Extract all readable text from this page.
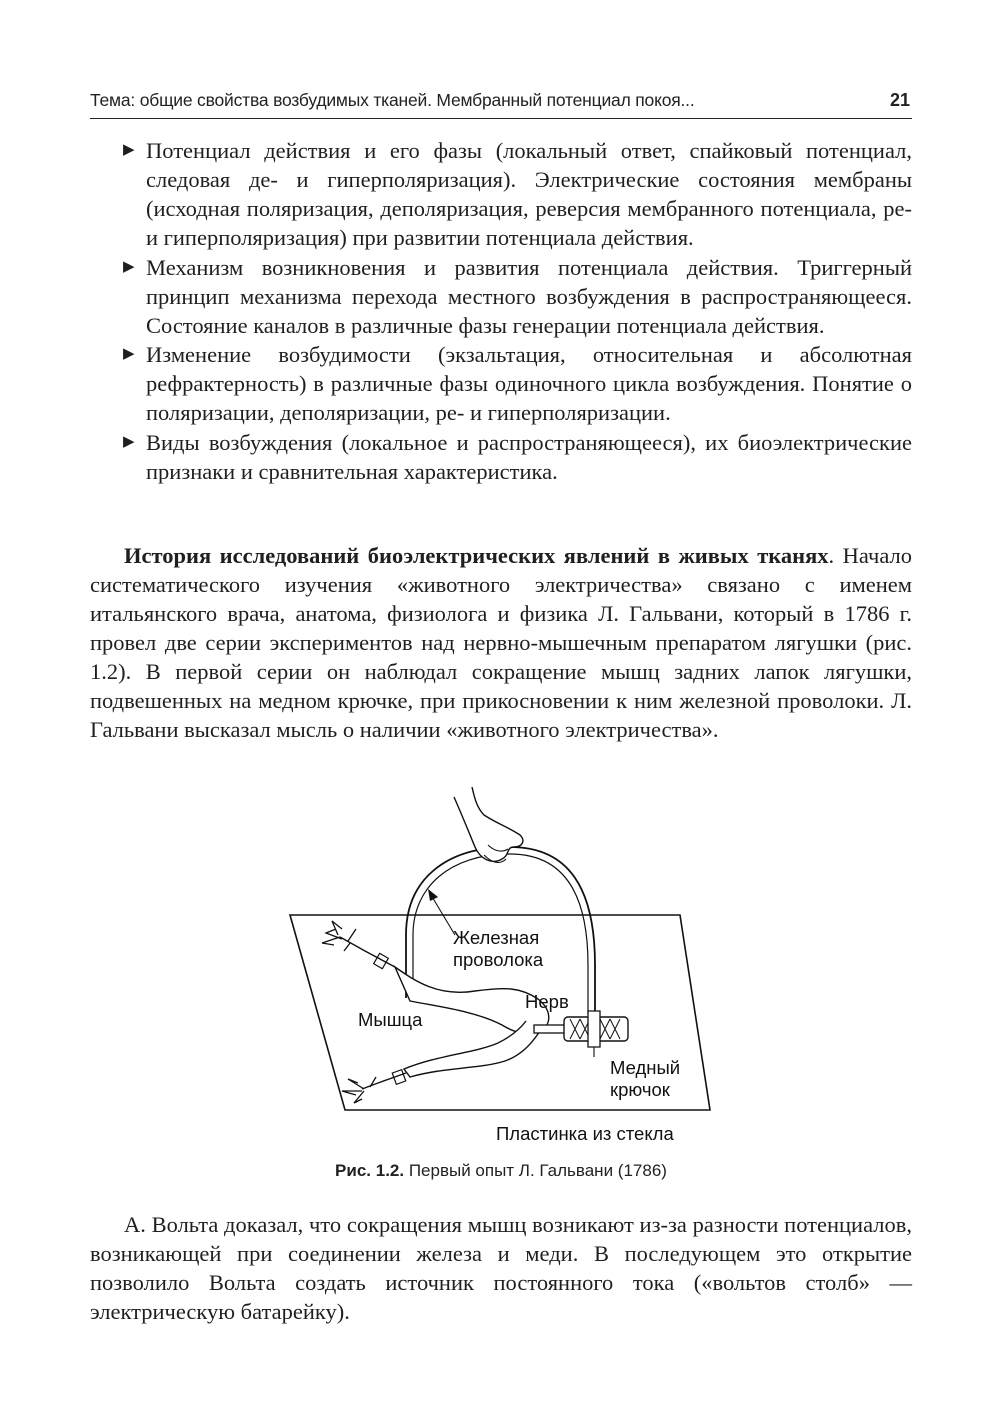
Тема: общие свойства возбудимых тканей. Мембранный потенциал покоя...	21
▶ Потенциал действия и его фазы (локальный ответ, спайковый потенциал, следовая де- и гиперполяризация). Электрические состояния мембраны (исходная поляризация, деполяризация, реверсия мембранного потенциала, ре- и гиперполяризация) при развитии потенциала действия.
▶ Механизм возникновения и развития потенциала действия. Триггерный принцип механизма перехода местного возбуждения в распространяющееся. Состояние каналов в различные фазы генерации потенциала действия.
▶ Изменение возбудимости (экзальтация, относительная и абсолютная рефрактерность) в различные фазы одиночного цикла возбуждения. Понятие о поляризации, деполяризации, ре- и гиперполяризации.
▶ Виды возбуждения (локальное и распространяющееся), их биоэлектрические признаки и сравнительная характеристика.

История исследований биоэлектрических явлений в живых тканях. Начало систематического изучения «животного электричества» связано с именем итальянского врача, анатома, физиолога и физика Л. Гальвани, который в 1786 г. провел две серии экспериментов над нервно-мышечным препаратом лягушки (рис. 1.2). В первой серии он наблюдал сокращение мышц задних лапок лягушки, подвешенных на медном крючке, при прикосновении к ним железной проволоки. Л. Гальвани высказал мысль о наличии «животного электричества».

Железная
проволока
Нерв
Мышца
Медный
крючок
Пластинка из стекла
Рис. 1.2. Первый опыт Л. Гальвани (1786)

А. Вольта доказал, что сокращения мышц возникают из-за разности потенциалов, возникающей при соединении железа и меди. В последующем это открытие позволило Вольта создать источник постоянного тока («вольтов столб» — электрическую батарейку).
